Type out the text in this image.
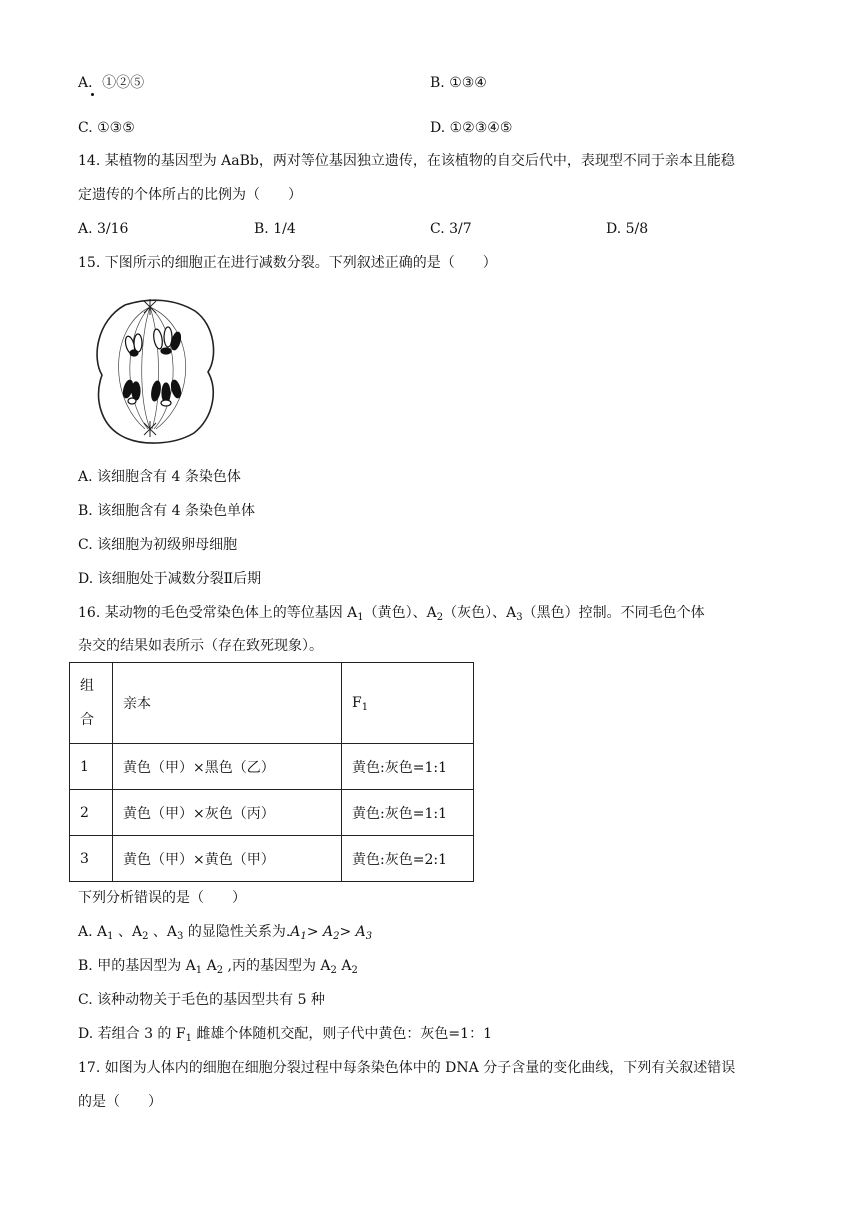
A．①②⑤	B. ①③④
C. ①③⑤	D. ①②③④⑤
14. 某植物的基因型为 AaBb，两对等位基因独立遗传，在该植物的自交后代中，表现型不同于亲本且能稳
定遗传的个体所占的比例为（　　）
A. 3/16	B. 1/4	C. 3/7	D. 5/8
15. 下图所示的细胞正在进行减数分裂。下列叙述正确的是（　　）
A. 该细胞含有 4 条染色体
B. 该细胞含有 4 条染色单体
C. 该细胞为初级卵母细胞
D. 该细胞处于减数分裂Ⅱ后期
16. 某动物的毛色受常染色体上的等位基因 $A_1$（黄色）、$A_2$（灰色）、$A_3$（黑色）控制。不同毛色个体
杂交的结果如表所示（存在致死现象）。
组
合	亲本	$F_1$
1	黄色（甲）×黑色（乙）	黄色:灰色=1:1
2	黄色（甲）×灰色（丙）	黄色:灰色=1:1
3	黄色（甲）×黄色（甲）	黄色:灰色=2:1
下列分析错误的是（　　）
A. $A_1$ 、$A_2$ 、$A_3$ 的显隐性关系为$.A_1> A_2> A_3$
B. 甲的基因型为 $A_1$ $A_2$ ,丙的基因型为 $A_2$ $A_2$
C. 该种动物关于毛色的基因型共有 5 种
D. 若组合 3 的 $F_1$ 雌雄个体随机交配，则子代中黄色：灰色=1：1
17. 如图为人体内的细胞在细胞分裂过程中每条染色体中的 DNA 分子含量的变化曲线，下列有关叙述错误
的是（　　）
